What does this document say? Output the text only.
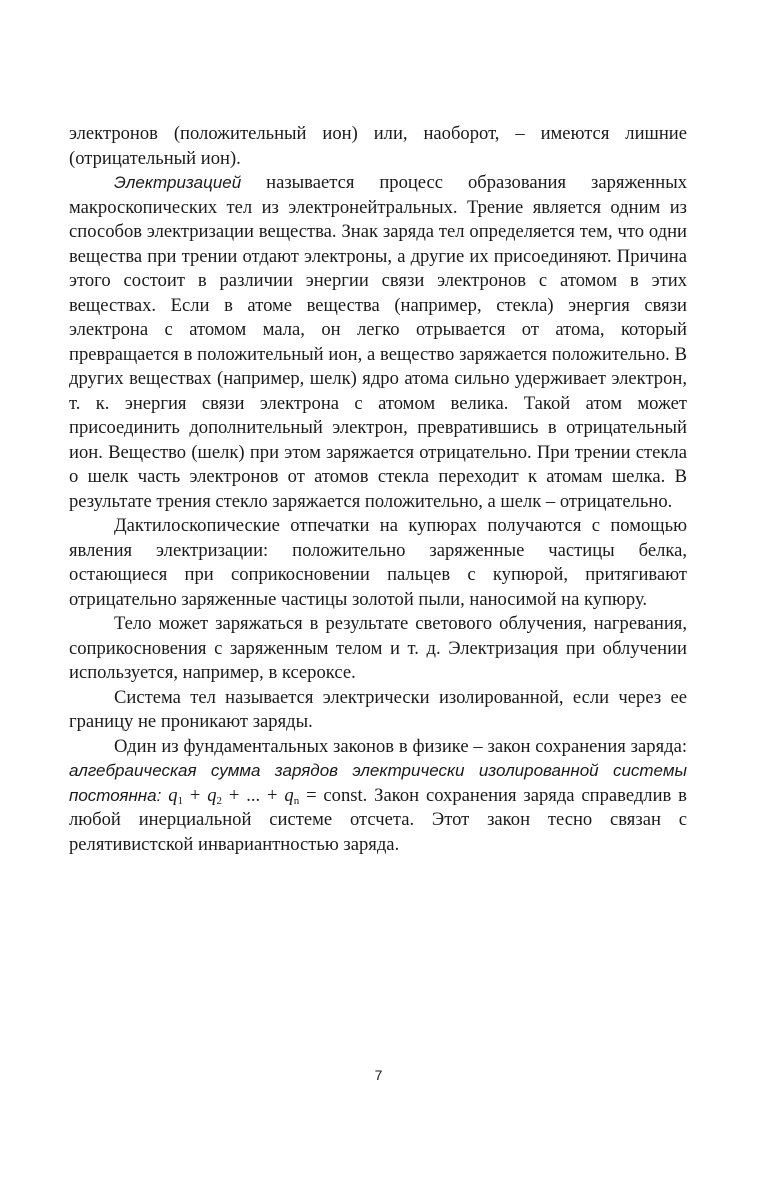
электронов (положительный ион) или, наоборот, – имеются лишние (отрицательный ион).

Электризацией называется процесс образования заряженных макроскопических тел из электронейтральных. Трение является одним из способов электризации вещества. Знак заряда тел определяется тем, что одни вещества при трении отдают электроны, а другие их присоединяют. Причина этого состоит в различии энергии связи электронов с атомом в этих веществах. Если в атоме вещества (например, стекла) энергия связи электрона с атомом мала, он легко отрывается от атома, который превращается в положительный ион, а вещество заряжается положительно. В других веществах (например, шелк) ядро атома сильно удерживает электрон, т. к. энергия связи электрона с атомом велика. Такой атом может присоединить дополнительный электрон, превратившись в отрицательный ион. Вещество (шелк) при этом заряжается отрицательно. При трении стекла о шелк часть электронов от атомов стекла переходит к атомам шелка. В результате трения стекло заряжается положительно, а шелк – отрицательно.

Дактилоскопические отпечатки на купюрах получаются с помощью явления электризации: положительно заряженные частицы белка, остающиеся при соприкосновении пальцев с купюрой, притягивают отрицательно заряженные частицы золотой пыли, наносимой на купюру.

Тело может заряжаться в результате светового облучения, нагревания, соприкосновения с заряженным телом и т. д. Электризация при облучении используется, например, в ксероксе.

Система тел называется электрически изолированной, если через ее границу не проникают заряды.

Один из фундаментальных законов в физике – закон сохранения заряда: алгебраическая сумма зарядов электрически изолированной системы постоянна: $q_1 + q_2$ + ... + $q_n$ = const. Закон сохранения заряда справедлив в любой инерциальной системе отсчета. Этот закон тесно связан с релятивистской инвариантностью заряда.

7
